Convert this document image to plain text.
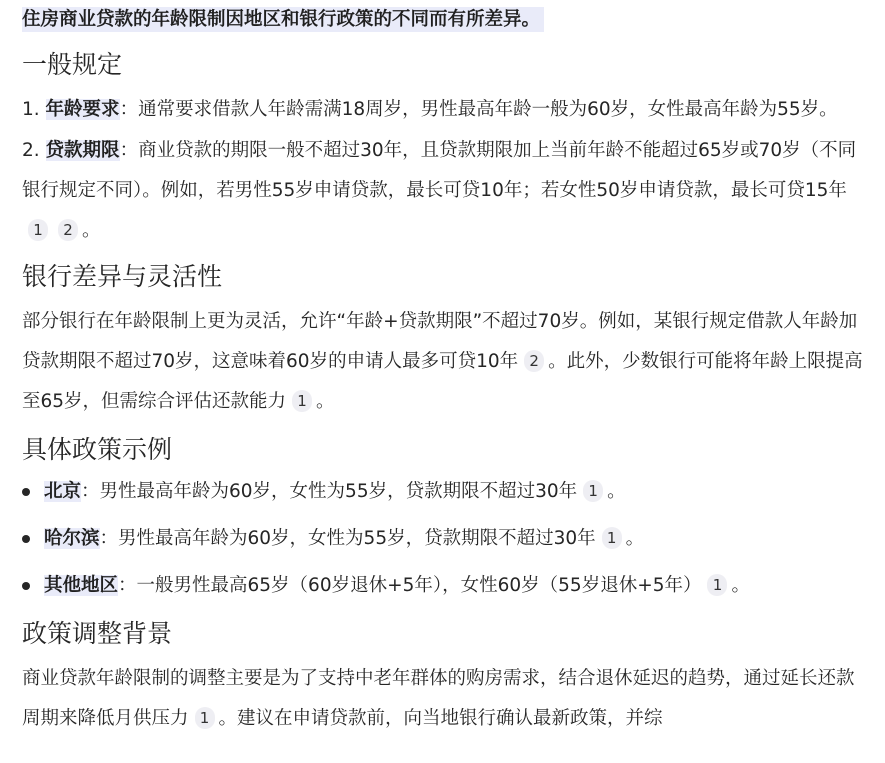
住房商业贷款的年龄限制因地区和银行政策的不同而有所差异。

一般规定

1. 年龄要求：通常要求借款人年龄需满18周岁，男性最高年龄一般为60岁，女性最高年龄为55岁。

2. 贷款期限：商业贷款的期限一般不超过30年，且贷款期限加上当前年龄不能超过65岁或70岁（不同银行规定不同）。例如，若男性55岁申请贷款，最长可贷10年；若女性50岁申请贷款，最长可贷15年1 2 。

银行差异与灵活性

部分银行在年龄限制上更为灵活，允许“年龄+贷款期限”不超过70岁。例如，某银行规定借款人年龄加贷款期限不超过70岁，这意味着60岁的申请人最多可贷10年 2 。此外，少数银行可能将年龄上限提高至65岁，但需综合评估还款能力 1 。

具体政策示例
北京：男性最高年龄为60岁，女性为55岁，贷款期限不超过30年 1 。
哈尔滨：男性最高年龄为60岁，女性为55岁，贷款期限不超过30年 1 。
其他地区：一般男性最高65岁（60岁退休+5年），女性60岁（55岁退休+5年） 1 。
政策调整背景

商业贷款年龄限制的调整主要是为了支持中老年群体的购房需求，结合退休延迟的趋势，通过延长还款周期来降低月供压力 1 。建议在申请贷款前，向当地银行确认最新政策，并综
